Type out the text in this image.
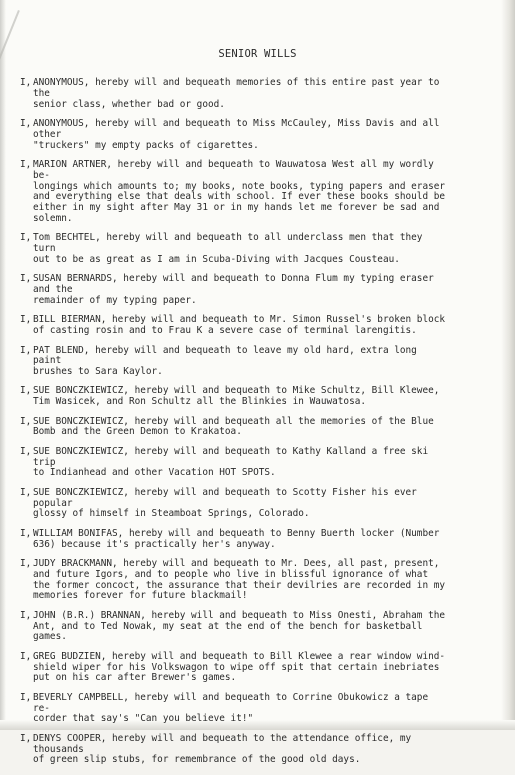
SENIOR WILLS
I, ANONYMOUS, hereby will and bequeath memories of this entire past year to the
senior class, whether bad or good.
I, ANONYMOUS, hereby will and bequeath to Miss McCauley, Miss Davis and all other
"truckers" my empty packs of cigarettes.
I, MARION ARTNER, hereby will and bequeath to Wauwatosa West all my wordly be-
longings which amounts to; my books, note books, typing papers and eraser
and everything else that deals with school. If ever these books should be
either in my sight after May 31 or in my hands let me forever be sad and
solemn.
I, Tom BECHTEL, hereby will and bequeath to all underclass men that they turn
out to be as great as I am in Scuba-Diving with Jacques Cousteau.
I, SUSAN BERNARDS, hereby will and bequeath to Donna Flum my typing eraser and the
remainder of my typing paper.
I, BILL BIERMAN, hereby will and bequeath to Mr. Simon Russel's broken block
of casting rosin and to Frau K a severe case of terminal larengitis.
I, PAT BLEND, hereby will and bequeath to leave my old hard, extra long paint
brushes to Sara Kaylor.
I, SUE BONCZKIEWICZ, hereby will and bequeath to Mike Schultz, Bill Klewee,
Tim Wasicek, and Ron Schultz all the Blinkies in Wauwatosa.
I, SUE BONCZKIEWICZ, hereby will and bequeath all the memories of the Blue
Bomb and the Green Demon to Krakatoa.
I, SUE BONCZKIEWICZ, hereby will and bequeath to Kathy Kalland a free ski trip
to Indianhead and other Vacation HOT SPOTS.
I, SUE BONCZKIEWICZ, hereby will and bequeath to Scotty Fisher his ever popular
glossy of himself in Steamboat Springs, Colorado.
I, WILLIAM BONIFAS, hereby will and bequeath to Benny Buerth locker (Number
636) because it's practically her's anyway.
I, JUDY BRACKMANN, hereby will and bequeath to Mr. Dees, all past, present,
and future Igors, and to people who live in blissful ignorance of what
the former concoct, the assurance that their devilries are recorded in my
memories forever for future blackmail!
I, JOHN (B.R.) BRANNAN, hereby will and bequeath to Miss Onesti, Abraham the
Ant, and to Ted Nowak, my seat at the end of the bench for basketball games.
I, GREG BUDZIEN, hereby will and bequeath to Bill Klewee a rear window wind-
shield wiper for his Volkswagon to wipe off spit that certain inebriates
put on his car after Brewer's games.
I, BEVERLY CAMPBELL, hereby will and bequeath to Corrine Obukowicz a tape re-
corder that say's "Can you believe it!"
I, DENYS COOPER, hereby will and bequeath to the attendance office, my thousands
of green slip stubs, for remembrance of the good old days.
